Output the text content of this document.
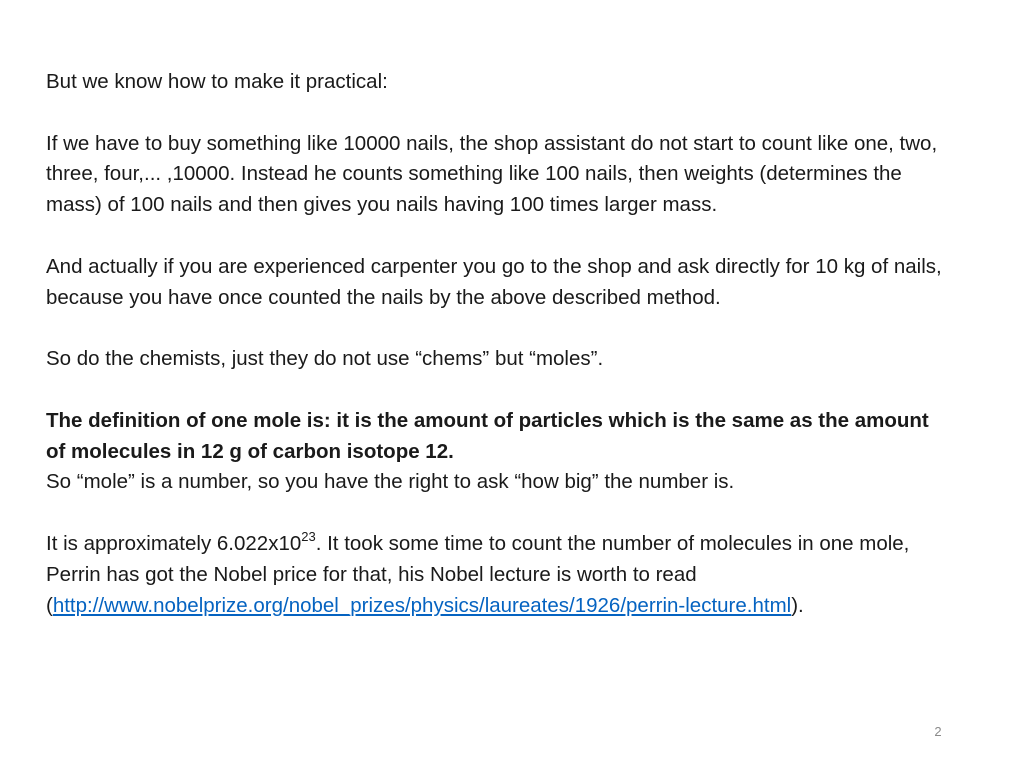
But we know how to make it practical:

If we have to buy something like 10000 nails, the shop assistant do not start to count like one, two, three, four,... ,10000. Instead he counts something like 100 nails, then weights (determines the mass) of 100 nails and then gives you nails having 100 times larger mass.

And actually if you are experienced carpenter you go to the shop and ask directly for 10 kg of nails, because you have once counted the nails by the above described method.

So do the chemists, just they do not use “chems” but “moles”.

The definition of one mole is: it is the amount of particles which is the same as the amount of molecules in 12 g of carbon isotope 12.

So “mole” is a number, so you have the right to ask “how big” the number is.

It is approximately $6.022x10^{23}$. It took some time to count the number of molecules in one mole, Perrin has got the Nobel price for that, his Nobel lecture is worth to read (http://www.nobelprize.org/nobel_prizes/physics/laureates/1926/perrin-lecture.html).

2
